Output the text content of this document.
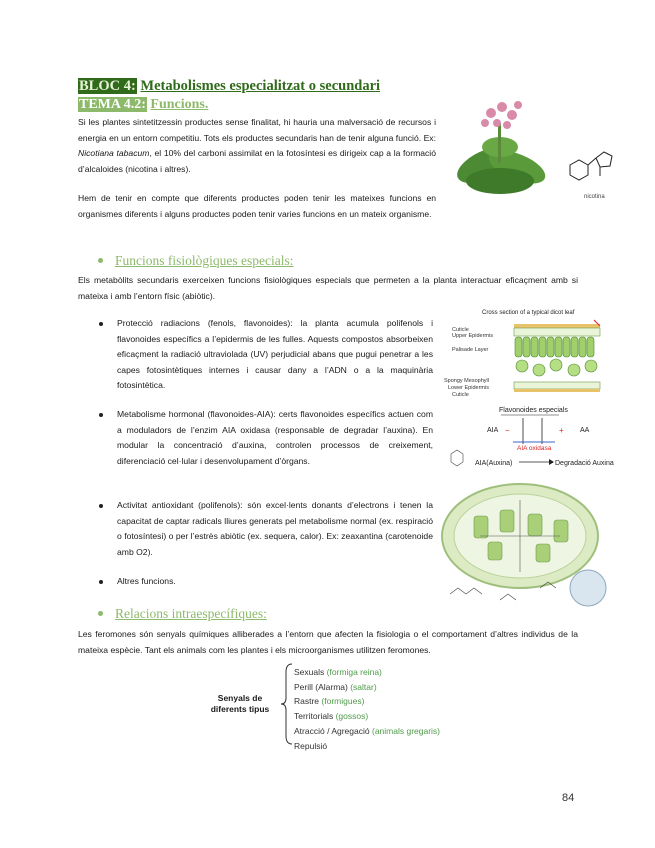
BLOC 4: Metabolismes especialitzat o secundari
TEMA 4.2: Funcions.
Si les plantes sintetitzessin productes sense finalitat, hi hauria una malversació de recursos i energia en un entorn competitiu. Tots els productes secundaris han de tenir alguna funció. Ex: Nicotiana tabacum, el 10% del carboni assimilat en la fotosíntesi es dirigeix cap a la formació d’alcaloides (nicotina i altres).
Hem de tenir en compte que diferents productes poden tenir les mateixes funcions en organismes diferents i alguns productes poden tenir varies funcions en un mateix organisme.
nicotina
Funcions fisiològiques especials:
Els metabòlits secundaris exerceixen funcions fisiològiques especials que permeten a la planta interactuar eficaçment amb si mateixa i amb l’entorn físic (abiòtic).
Protecció radiacions (fenols, flavonoides): la planta acumula polifenols i flavonoides específics a l’epidermis de les fulles. Aquests compostos absorbeixen eficaçment la radiació ultraviolada (UV) perjudicial abans que pugui penetrar a les capes fotosintètiques internes i causar dany a l’ADN o a la maquinària fotosintètica.
Metabolisme hormonal (flavonoides-AIA): certs flavonoides específics actuen com a moduladors de l’enzim AIA oxidasa (responsable de degradar l’auxina). En modular la concentració d’auxina, controlen processos de creixement, diferenciació cel·lular i desenvolupament d’òrgans.
Activitat antioxidant (polifenols): són excel·lents donants d’electrons i tenen la capacitat de captar radicals lliures generats pel metabolisme normal (ex. respiració o fotosíntesi) o per l’estrès abiòtic (ex. sequera, calor). Ex: zeaxantina (carotenoide amb O2).
Altres funcions.
Cross section of a typical dicot leaf
Cuticle
Upper Epidermis
Palisade Layer
Spongy Mesophyll
Lower Epidermis
Cuticle
Flavonoides especials
AIA	AA
−	+
AIA oxidasa
AIA(Auxina)	Degradació Auxina
Relacions intraespecífiques:
Les feromones són senyals químiques alliberades a l’entorn que afecten la fisiologia o el comportament d’altres individus de la mateixa espècie. Tant els animals com les plantes i els microorganismes utilitzen feromones.
Senyals de diferents tipus
Sexuals (formiga reina)
Perill (Alarma) (saltar)
Rastre (formigues)
Territorials (gossos)
Atracció / Agregació (animals gregaris)
Repulsió
84
